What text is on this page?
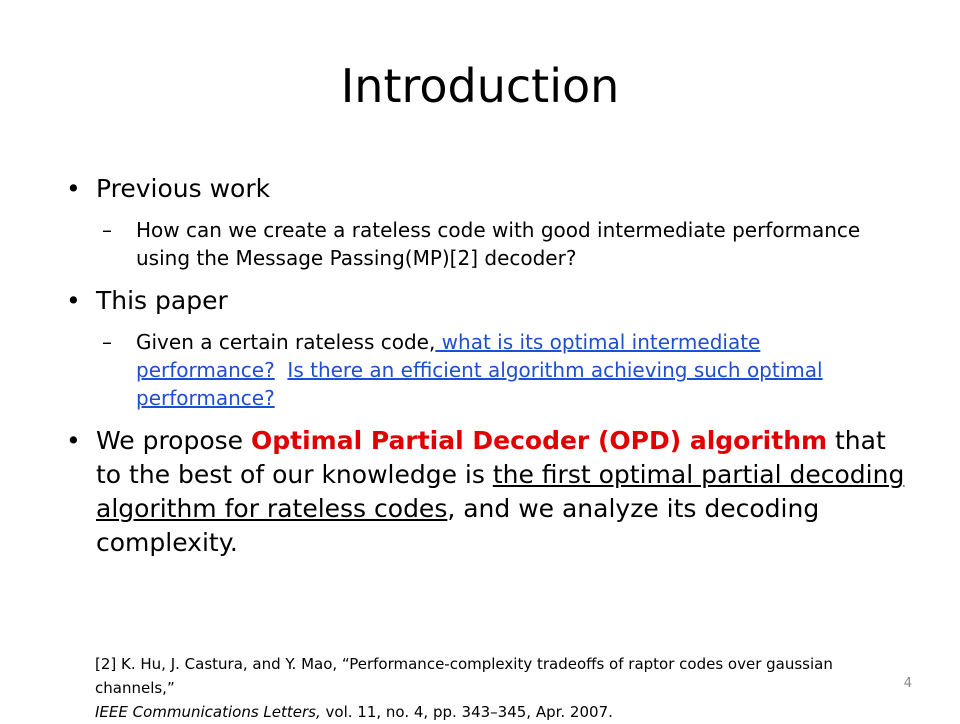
Introduction
• Previous work
– How can we create a rateless code with good intermediate performance using the Message Passing(MP)[2] decoder?
• This paper
– Given a certain rateless code, what is its optimal intermediate performance? Is there an efficient algorithm achieving such optimal performance?
• We propose Optimal Partial Decoder (OPD) algorithm that to the best of our knowledge is the first optimal partial decoding algorithm for rateless codes, and we analyze its decoding complexity.
[2] K. Hu, J. Castura, and Y. Mao, “Performance-complexity tradeoffs of raptor codes over gaussian channels,”
IEEE Communications Letters, vol. 11, no. 4, pp. 343–345, Apr. 2007.
4
